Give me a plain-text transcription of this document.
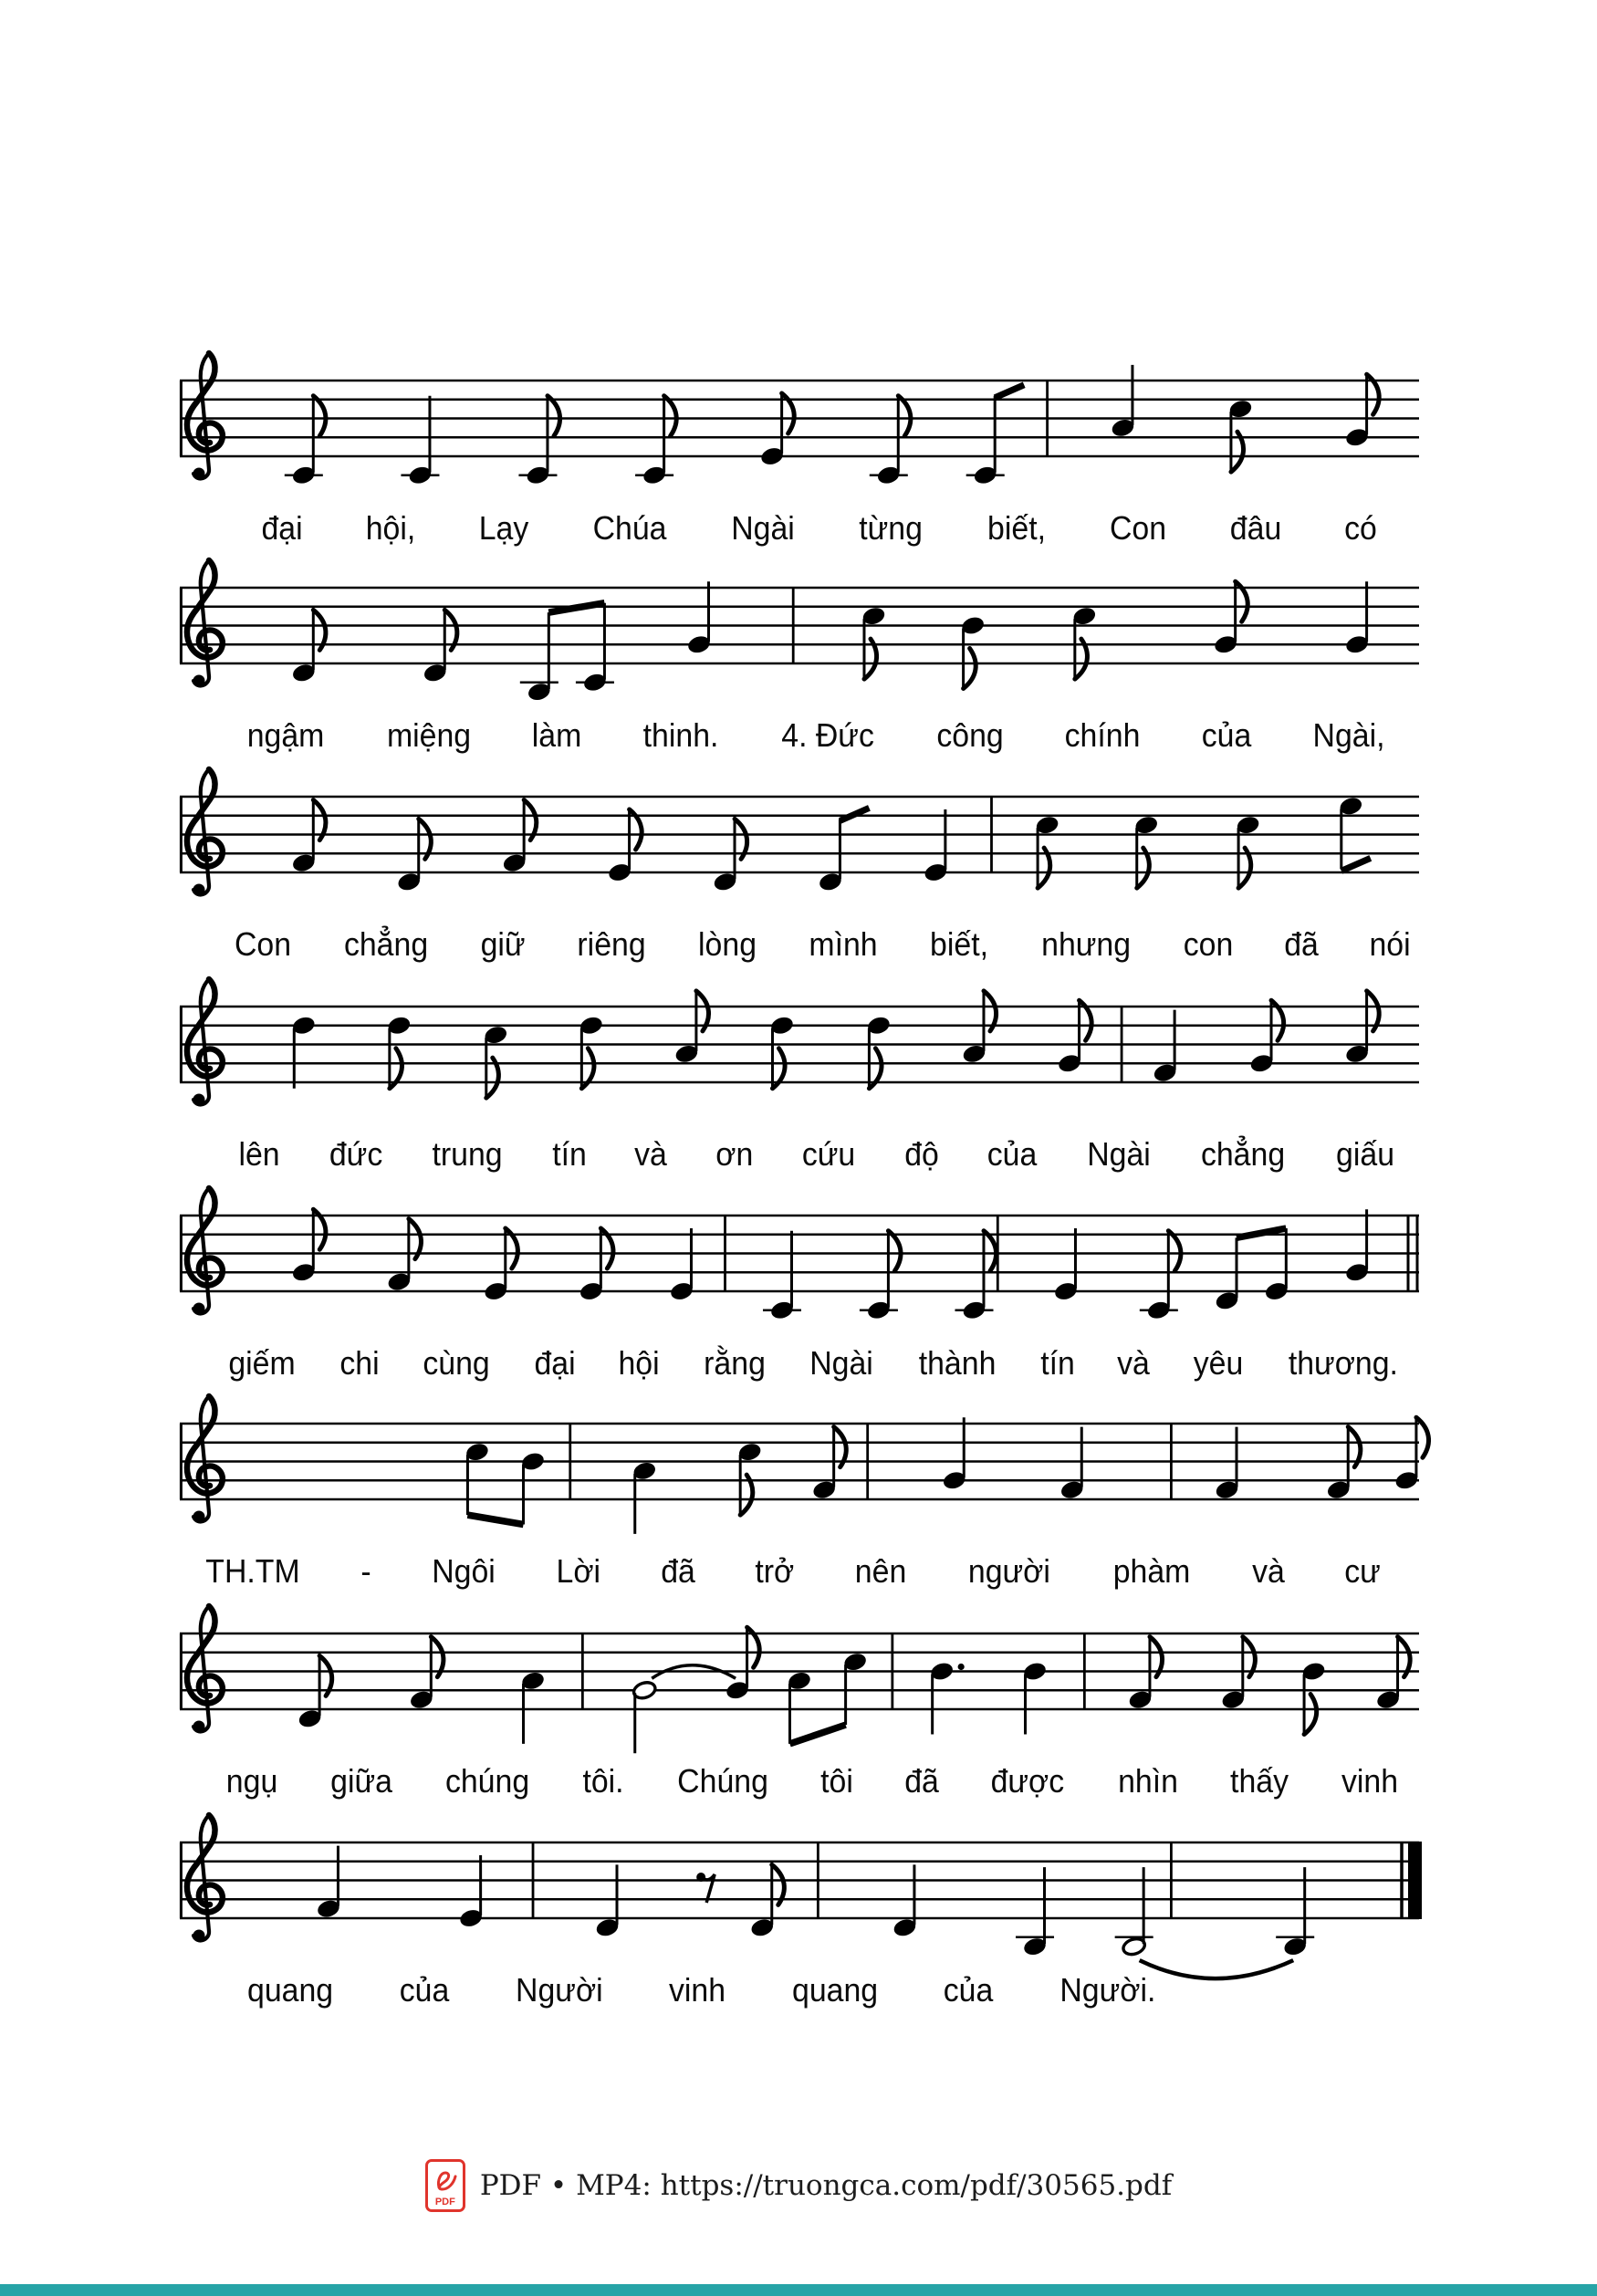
đại hội, Lạy Chúa Ngài từng biết, Con đâu có
ngậm miệng làm thinh. 4. Đức công chính của Ngài,
Con chẳng giữ riêng lòng mình biết, nhưng con đã nói
lên đức trung tín và ơn cứu độ của Ngài chẳng giấu
giếm chi cùng đại hội rằng Ngài thành tín và yêu thương.
TH.TM - Ngôi Lời đã trở nên người phàm và cư
ngụ giữa chúng tôi. Chúng tôi đã được nhìn thấy vinh
quang của Người vinh quang của Người.
PDF PDF • MP4: https://truongca.com/pdf/30565.pdf
